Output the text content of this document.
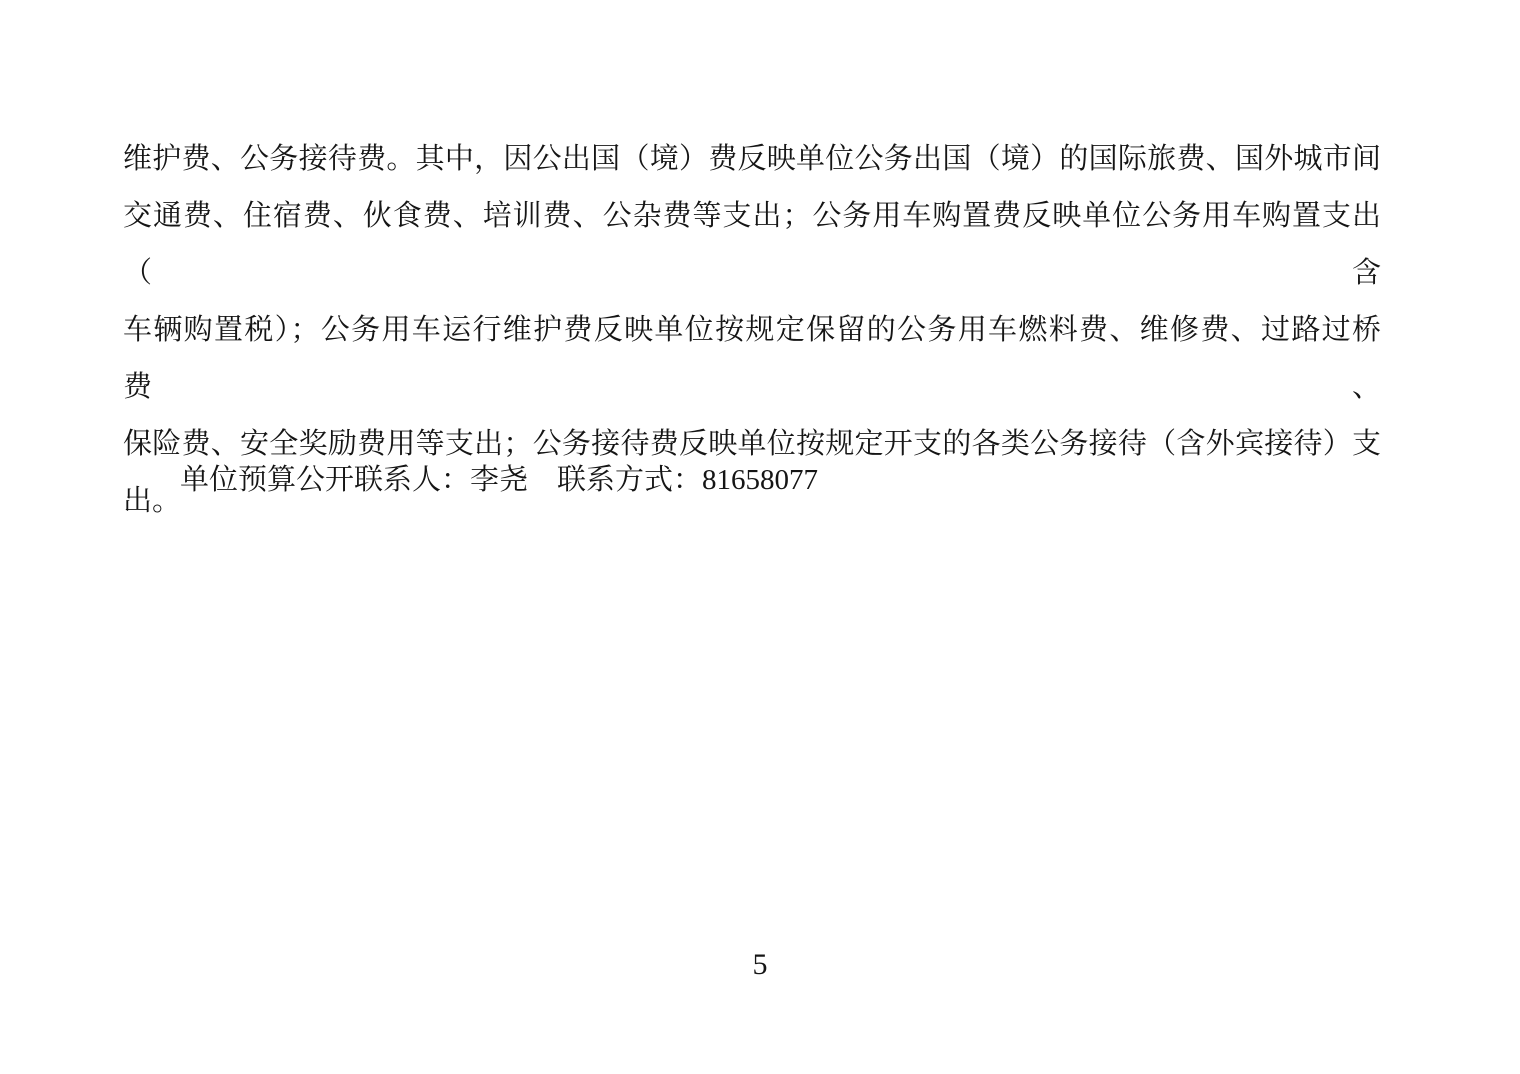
维护费、公务接待费。其中，因公出国（境）费反映单位公务出国（境）的国际旅费、国外城市间
交通费、住宿费、伙食费、培训费、公杂费等支出；公务用车购置费反映单位公务用车购置支出（含
车辆购置税）；公务用车运行维护费反映单位按规定保留的公务用车燃料费、维修费、过路过桥费、
保险费、安全奖励费用等支出；公务接待费反映单位按规定开支的各类公务接待（含外宾接待）支
出。
单位预算公开联系人：李尧 联系方式：81658077
5
